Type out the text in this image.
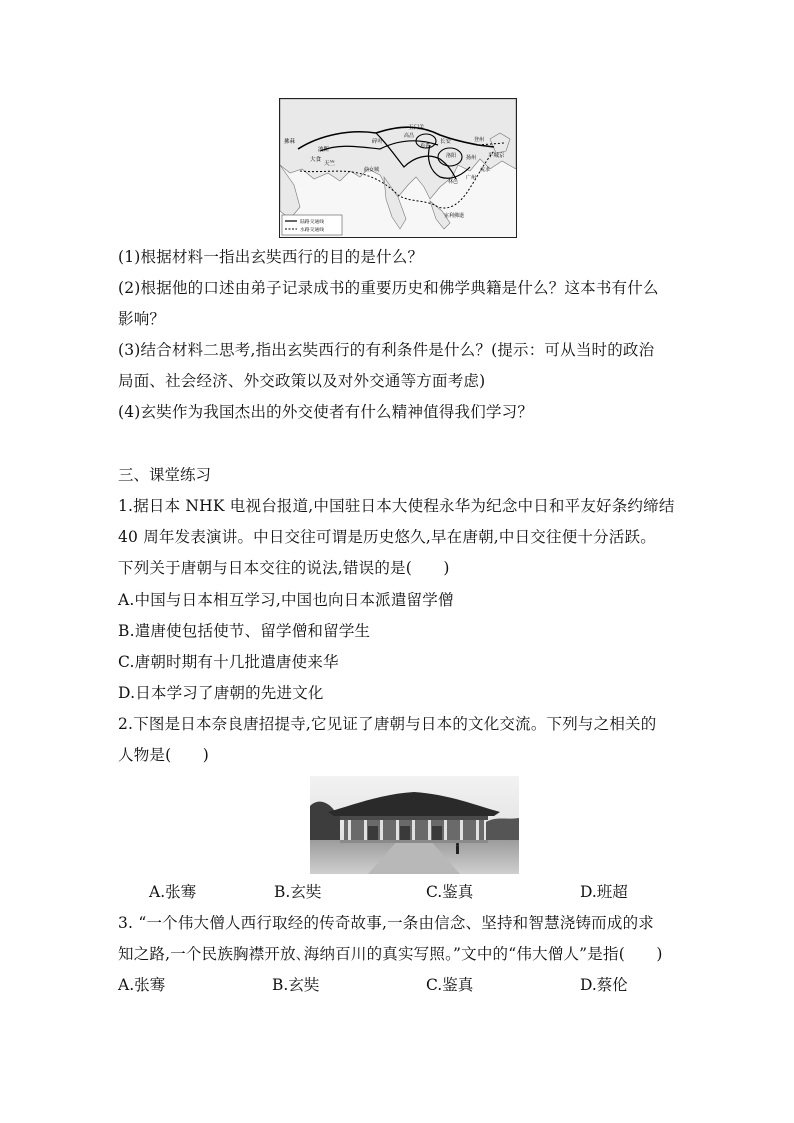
玉门关
高昌
焉耆
碎叶	长安
洛阳 扬州
登州
平城京
波斯
大食
拂菻
天竺
曲女城
室利佛逝
林邑
广州
流求
陆路交通线
水路交通线
(1)根据材料一指出玄奘西行的目的是什么？
(2)根据他的口述由弟子记录成书的重要历史和佛学典籍是什么？这本书有什么
影响？
(3)结合材料二思考,指出玄奘西行的有利条件是什么？(提示：可从当时的政治
局面、社会经济、外交政策以及对外交通等方面考虑)
(4)玄奘作为我国杰出的外交使者有什么精神值得我们学习？
三、课堂练习
1.据日本 NHK 电视台报道,中国驻日本大使程永华为纪念中日和平友好条约缔结
40 周年发表演讲。中日交往可谓是历史悠久,早在唐朝,中日交往便十分活跃。
下列关于唐朝与日本交往的说法,错误的是(　　)
A.中国与日本相互学习,中国也向日本派遣留学僧
B.遣唐使包括使节、留学僧和留学生
C.唐朝时期有十几批遣唐使来华
D.日本学习了唐朝的先进文化
2.下图是日本奈良唐招提寺,它见证了唐朝与日本的文化交流。下列与之相关的
人物是(　　)
A.张骞	B.玄奘	C.鉴真	D.班超
3. “一个伟大僧人西行取经的传奇故事,一条由信念、坚持和智慧浇铸而成的求
知之路,一个民族胸襟开放､海纳百川的真实写照。”文中的“伟大僧人”是指(　　)
A.张骞	B.玄奘	C.鉴真	D.蔡伦
